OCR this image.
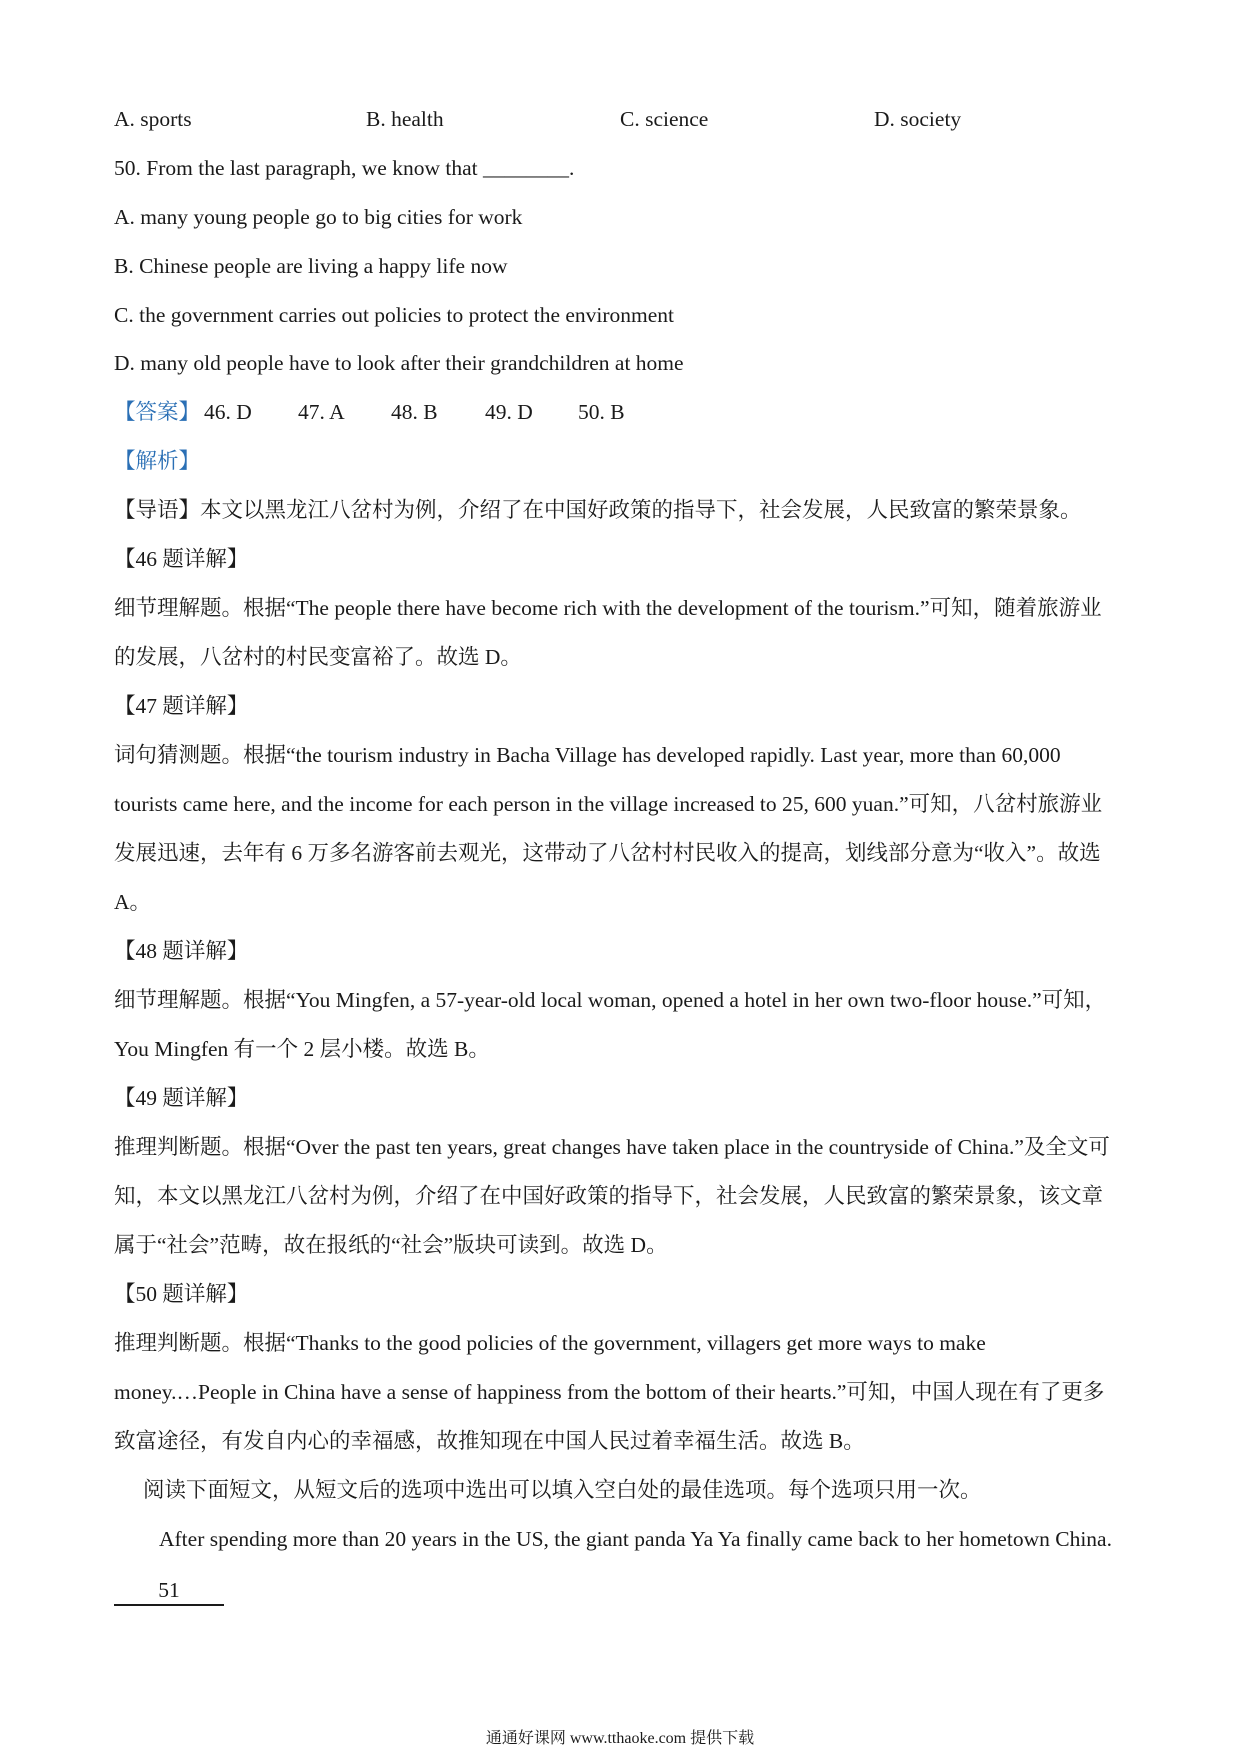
A. sports	B. health	C. science	D. society
50. From the last paragraph, we know that ________.
A. many young people go to big cities for work
B. Chinese people are living a happy life now
C. the government carries out policies to protect the environment
D. many old people have to look after their grandchildren at home
【答案】 46. D 47. A 48. B 49. D 50. B
【解析】
【导语】本文以黑龙江八岔村为例，介绍了在中国好政策的指导下，社会发展，人民致富的繁荣景象。
【46 题详解】
细节理解题。根据“The people there have become rich with the development of the tourism.”可知，随着旅游业
的发展，八岔村的村民变富裕了。故选 D。
【47 题详解】
词句猜测题。根据“the tourism industry in Bacha Village has developed rapidly. Last year, more than 60,000
tourists came here, and the income for each person in the village increased to 25, 600 yuan.”可知，八岔村旅游业
发展迅速，去年有 6 万多名游客前去观光，这带动了八岔村村民收入的提高，划线部分意为“收入”。故选
A。
【48 题详解】
细节理解题。根据“You Mingfen, a 57-year-old local woman, opened a hotel in her own two-floor house.”可知，
You Mingfen 有一个 2 层小楼。故选 B。
【49 题详解】
推理判断题。根据“Over the past ten years, great changes have taken place in the countryside of China.”及全文可
知，本文以黑龙江八岔村为例，介绍了在中国好政策的指导下，社会发展，人民致富的繁荣景象，该文章
属于“社会”范畴，故在报纸的“社会”版块可读到。故选 D。
【50 题详解】
推理判断题。根据“Thanks to the good policies of the government, villagers get more ways to make
money.…People in China have a sense of happiness from the bottom of their hearts.”可知，中国人现在有了更多
致富途径，有发自内心的幸福感，故推知现在中国人民过着幸福生活。故选 B。
阅读下面短文，从短文后的选项中选出可以填入空白处的最佳选项。每个选项只用一次。
After spending more than 20 years in the US, the giant panda Ya Ya finally came back to her hometown China.
51
通通好课网 www.tthaoke.com 提供下载
